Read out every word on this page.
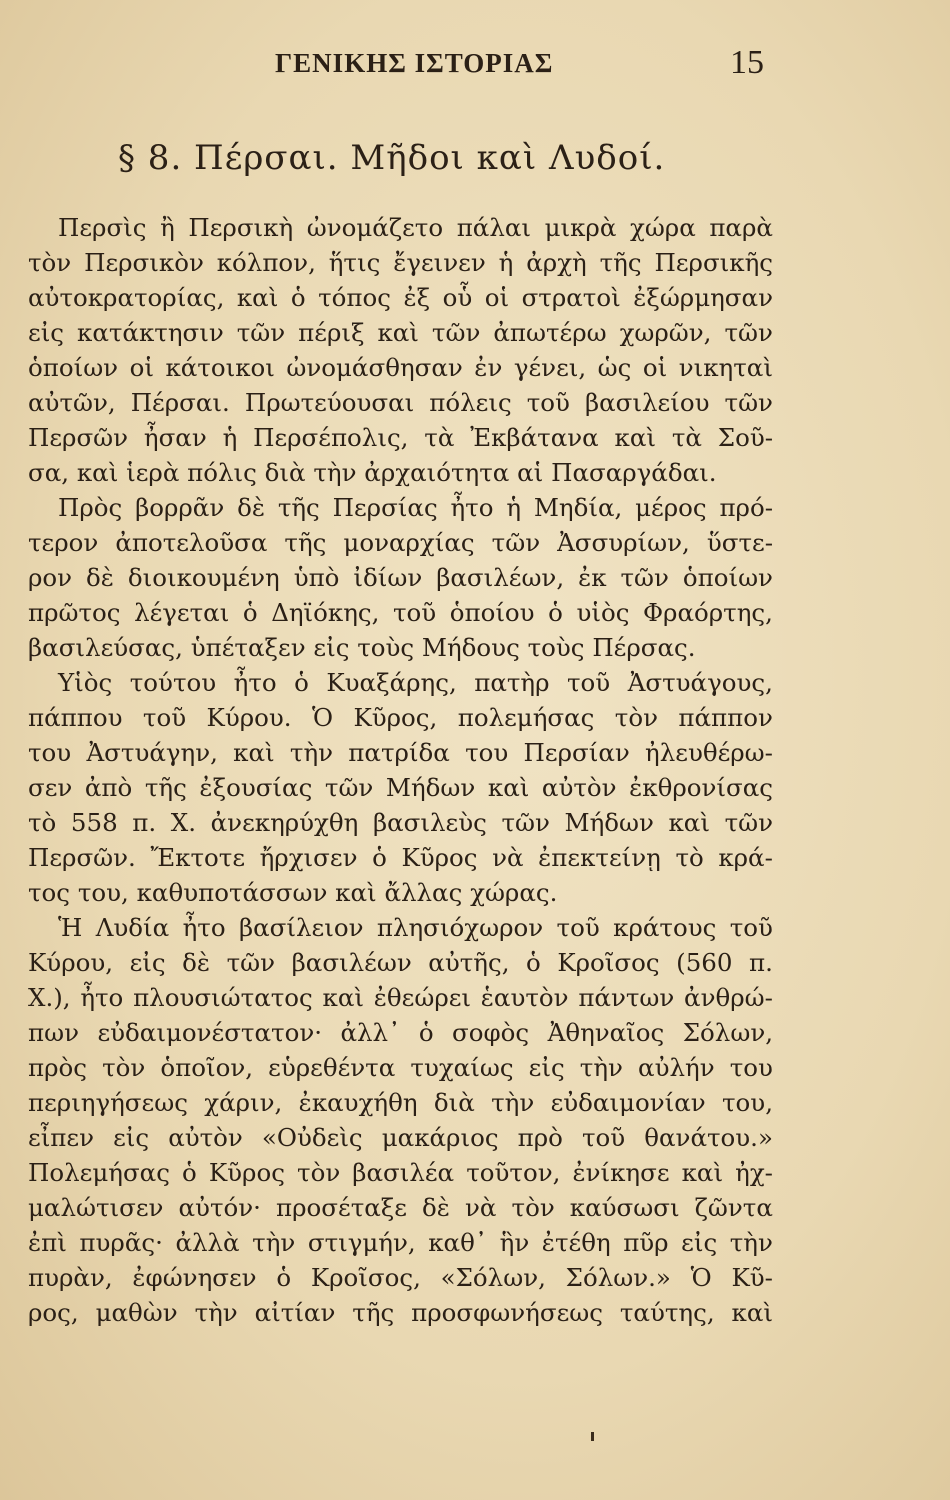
ΓΕΝΙΚΗΣ ΙΣΤΟΡΙΑΣ	15
§ 8. Πέρσαι. Μῆδοι καὶ Λυδοί.
Περσὶς ἢ Περσικὴ ὠνομάζετο πάλαι μικρὰ χώρα παρὰ
τὸν Περσικὸν κόλπον, ἥτις ἔγεινεν ἡ ἀρχὴ τῆς Περσικῆς
αὐτοκρατορίας, καὶ ὁ τόπος ἐξ οὗ οἱ στρατοὶ ἐξώρμησαν
εἰς κατάκτησιν τῶν πέριξ καὶ τῶν ἀπωτέρω χωρῶν, τῶν
ὁποίων οἱ κάτοικοι ὠνομάσθησαν ἐν γένει, ὡς οἱ νικηταὶ
αὐτῶν, Πέρσαι. Πρωτεύουσαι πόλεις τοῦ βασιλείου τῶν
Περσῶν ἦσαν ἡ Περσέπολις, τὰ Ἐκβάτανα καὶ τὰ Σοῦ-
σα, καὶ ἱερὰ πόλις διὰ τὴν ἀρχαιότητα αἱ Πασαργάδαι.
Πρὸς βορρᾶν δὲ τῆς Περσίας ἦτο ἡ Μηδία, μέρος πρό-
τερον ἀποτελοῦσα τῆς μοναρχίας τῶν Ἀσσυρίων, ὕστε-
ρον δὲ διοικουμένη ὑπὸ ἰδίων βασιλέων, ἐκ τῶν ὁποίων
πρῶτος λέγεται ὁ Δηϊόκης, τοῦ ὁποίου ὁ υἱὸς Φραόρτης,
βασιλεύσας, ὑπέταξεν εἰς τοὺς Μήδους τοὺς Πέρσας.
Υἱὸς τούτου ἦτο ὁ Κυαξάρης, πατὴρ τοῦ Ἀστυάγους,
πάππου τοῦ Κύρου. Ὁ Κῦρος, πολεμήσας τὸν πάππον
του Ἀστυάγην, καὶ τὴν πατρίδα του Περσίαν ἠλευθέρω-
σεν ἀπὸ τῆς ἐξουσίας τῶν Μήδων καὶ αὐτὸν ἐκθρονίσας
τὸ 558 π. Χ. ἀνεκηρύχθη βασιλεὺς τῶν Μήδων καὶ τῶν
Περσῶν. Ἔκτοτε ἤρχισεν ὁ Κῦρος νὰ ἐπεκτείνῃ τὸ κρά-
τος του, καθυποτάσσων καὶ ἄλλας χώρας.
Ἡ Λυδία ἦτο βασίλειον πλησιόχωρον τοῦ κράτους τοῦ
Κύρου, εἰς δὲ τῶν βασιλέων αὐτῆς, ὁ Κροῖσος (560 π.
Χ.), ἦτο πλουσιώτατος καὶ ἐθεώρει ἑαυτὸν πάντων ἀνθρώ-
πων εὐδαιμονέστατον· ἀλλ᾽ ὁ σοφὸς Ἀθηναῖος Σόλων,
πρὸς τὸν ὁποῖον, εὑρεθέντα τυχαίως εἰς τὴν αὐλήν του
περιηγήσεως χάριν, ἐκαυχήθη διὰ τὴν εὐδαιμονίαν του,
εἶπεν εἰς αὐτὸν «Οὐδεὶς μακάριος πρὸ τοῦ θανάτου.»
Πολεμήσας ὁ Κῦρος τὸν βασιλέα τοῦτον, ἐνίκησε καὶ ἠχ-
μαλώτισεν αὐτόν· προσέταξε δὲ νὰ τὸν καύσωσι ζῶντα
ἐπὶ πυρᾶς· ἀλλὰ τὴν στιγμήν, καθ᾽ ἣν ἐτέθη πῦρ εἰς τὴν
πυρὰν, ἐφώνησεν ὁ Κροῖσος, «Σόλων, Σόλων.» Ὁ Κῦ-
ρος, μαθὼν τὴν αἰτίαν τῆς προσφωνήσεως ταύτης, καὶ
